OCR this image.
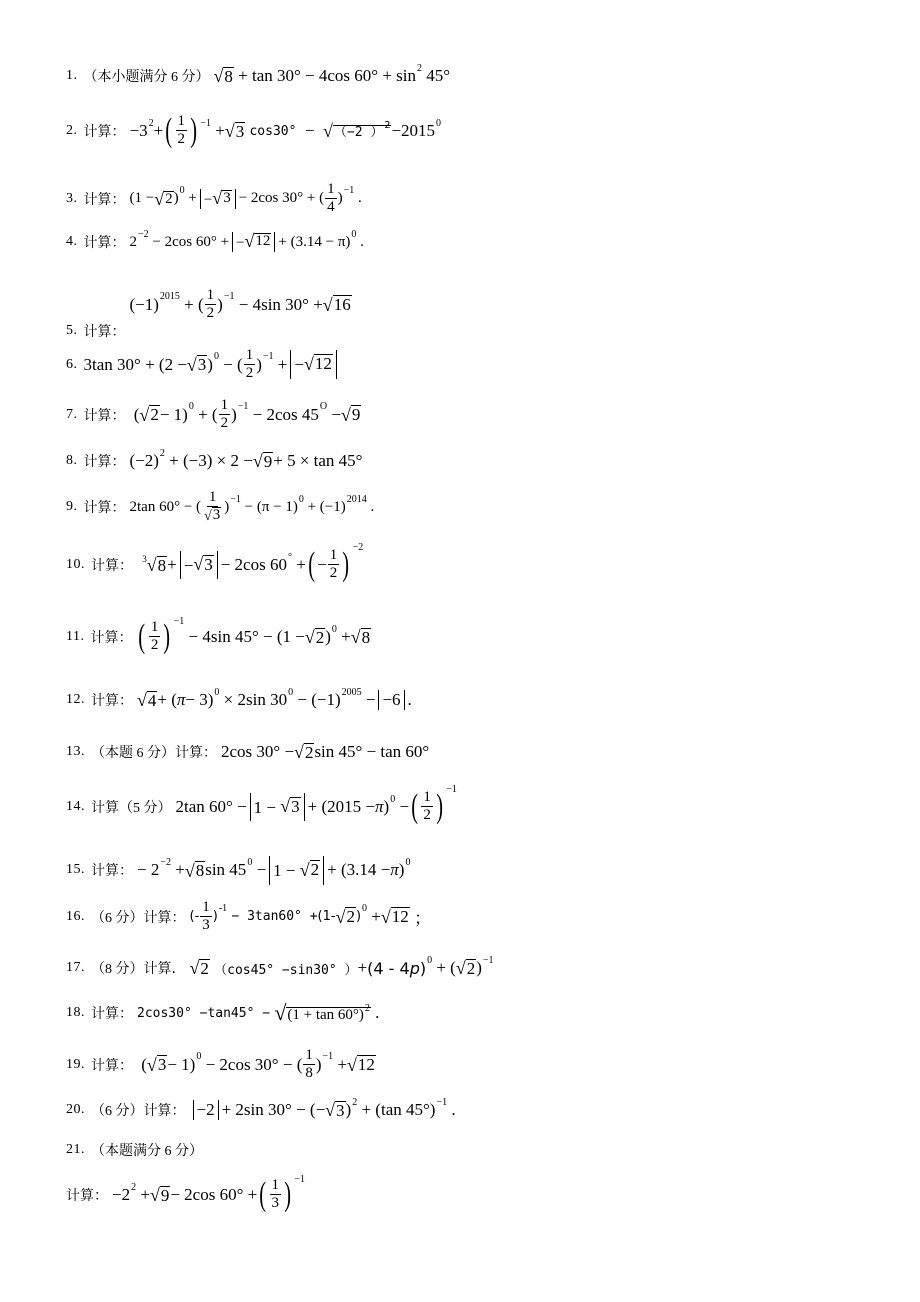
1. （本小题满分 6 分） √ 8 + tan 30° − 4cos $60^\circ + \sin^2 45^\circ$
2. 计算： $-3^2$ + ( $\frac{1}{2}$ ) $^{-1}$ + √ 3
cos30° − √ （−2 ）$^2 -2015^0$
3. 计算： (1 − √ 2 )$^0$ + − √ 3 − 2cos 30° + ( $\frac{1}{4} )^{-1}$ .
4. 计算： $2^{-2} - 2\cos$ 60° + − √ $12 + (3.14 - \pi)^0$ .
5. 计算：
$(-1)^{2015}$ + ( $\frac{1}{2} )^{-1} - 4\sin$ 30° + √ 16
6. 3tan 30° + (2 − √ 3 )$^0$ − ( $\frac{1}{2} )^{-1}$ + − √ 12
7. 计算： ( √ 2 − 1)$^0$ + ( $\frac{1}{2} )^{-1} - 2\cos$ $45^O$ − √ 9
8. 计算： $(-2)^2 + (-3) \times 2$ − √ 9 + 5 × tan 45°
9. 计算： 2tan 60° − ( $\frac{1}{√ 3} )^{-1} - (\pi - 1)^0 + (-1)^{2014}$ .
10. 计算：
$^3$ √ 8 + − √ 3 − 2cos 60° + ( − $\frac{1}{2}$ ) $^{-2}$
11. 计算： ( $\frac{1}{2}$ ) $^{-1}$
− 4sin 45° − (1 − √ 2 )$^0$ + √ 8
12. 计算： √ 4 + ( π − 3)$^0$ × 2sin $30^0 - (-1)^{2005} - -6$ .
13. （本题 6 分）计算： 2cos 30° − √ 2 sin 45° − tan 60°
14. 计算（5 分） 2tan 60° − 1 − √ 3 + (2015 − π )$^0$ − ( $\frac{1}{2}$ ) $^{-1}$
15. 计算： − $2^{-2}$ + √ 8 $\sin 45^0 - 1$ − √ 2 + (3.14 − π )$^0$
16. （6 分）计算： (- $\frac{1}{3}$ )
$^{-1}$

− 3tan60° + (1- √ 2 )
$^0$ + √ 12 ；
17. （8 分）计算． √ 2
（cos45° −sin30° ） + (4 - 4p)$^0$ + ( √ 2 )$^{-1}$
18. 计算： 2cos30° −tan45° −
√ $(1 + \tan 60^\circ)^2$ .
19. 计算： ( √ 3 − 1)$^0$ − 2cos 30° − ( $\frac{1}{8} )^{-1}$ + √ 12
20. （6 分）计算： −2 + 2sin 30° − (− √ 3 )$^2$ + (tan 45°)$^{-1}$ .
21. （本题满分 6 分）
计算： $-2^2$ + √ 9 − 2cos 60° + ( $\frac{1}{3}$ ) $^{-1}$
